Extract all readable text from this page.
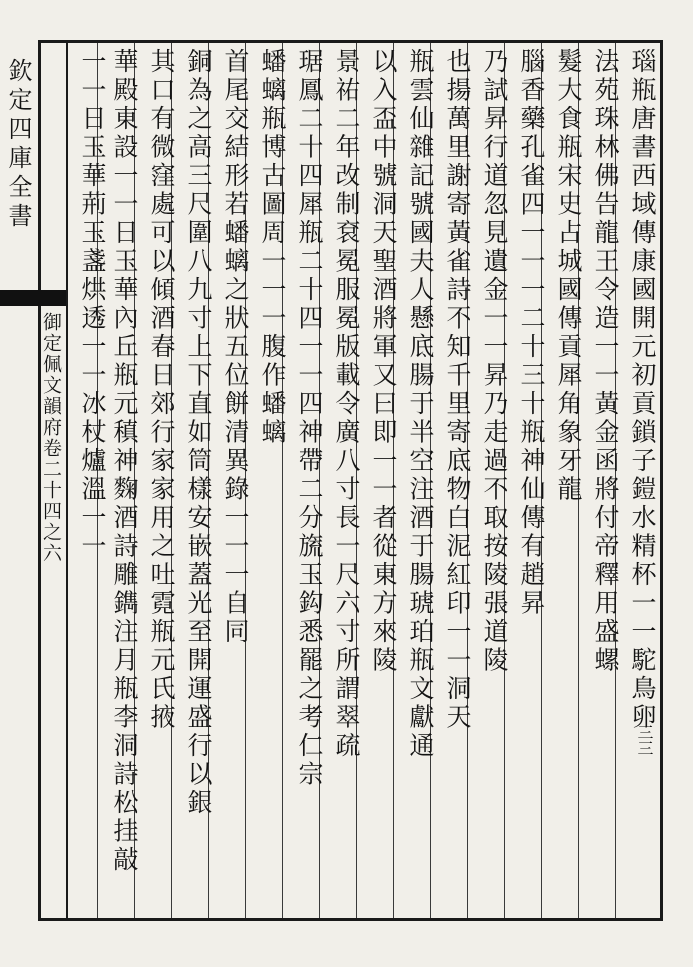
欽定四庫全書
御定佩文韻府卷二十四之六
三三
瑙瓶唐書西域傳康國開元初貢鎖子鎧水精杯一一駝鳥卵
法苑珠林佛告龍王令造一一黃金函將付帝釋用盛螺
髮大食瓶宋史占城國傳貢犀角象牙龍
腦香藥孔雀四一一一二十三十瓶神仙傳有趙昇
乃試昇行道忽見遺金一一昇乃走過不取按陵張道陵
也揚萬里謝寄黃雀詩不知千里寄底物白泥紅印一一洞天
瓶雲仙雜記號國夫人懸底腸于半空注酒于腸琥珀瓶文獻通
以入盃中號洞天聖酒將軍又曰即一一者從東方來陵
景祐二年改制袞冕服冕版載令廣八寸長一尺六寸所謂翠疏
琚鳳二十四犀瓶二十四一一四神帶二分旒玉鈎悉罷之考仁宗
蟠螭瓶博古圖周一一一腹作蟠螭
首尾交結形若蟠螭之狀五位餅清異錄一一一自同
銅為之高三尺圍八九寸上下直如筒樣安嵌蓋光至開運盛行以銀
其口有微窪處可以傾酒春日郊行家家用之吐霓瓶元氏掖
華殿東設一一日玉華內丘瓶元稹神麴酒詩雕鐫注月瓶李洞詩松挂敲
一一日玉華荊玉盞烘透一一冰杖爐溫一一
